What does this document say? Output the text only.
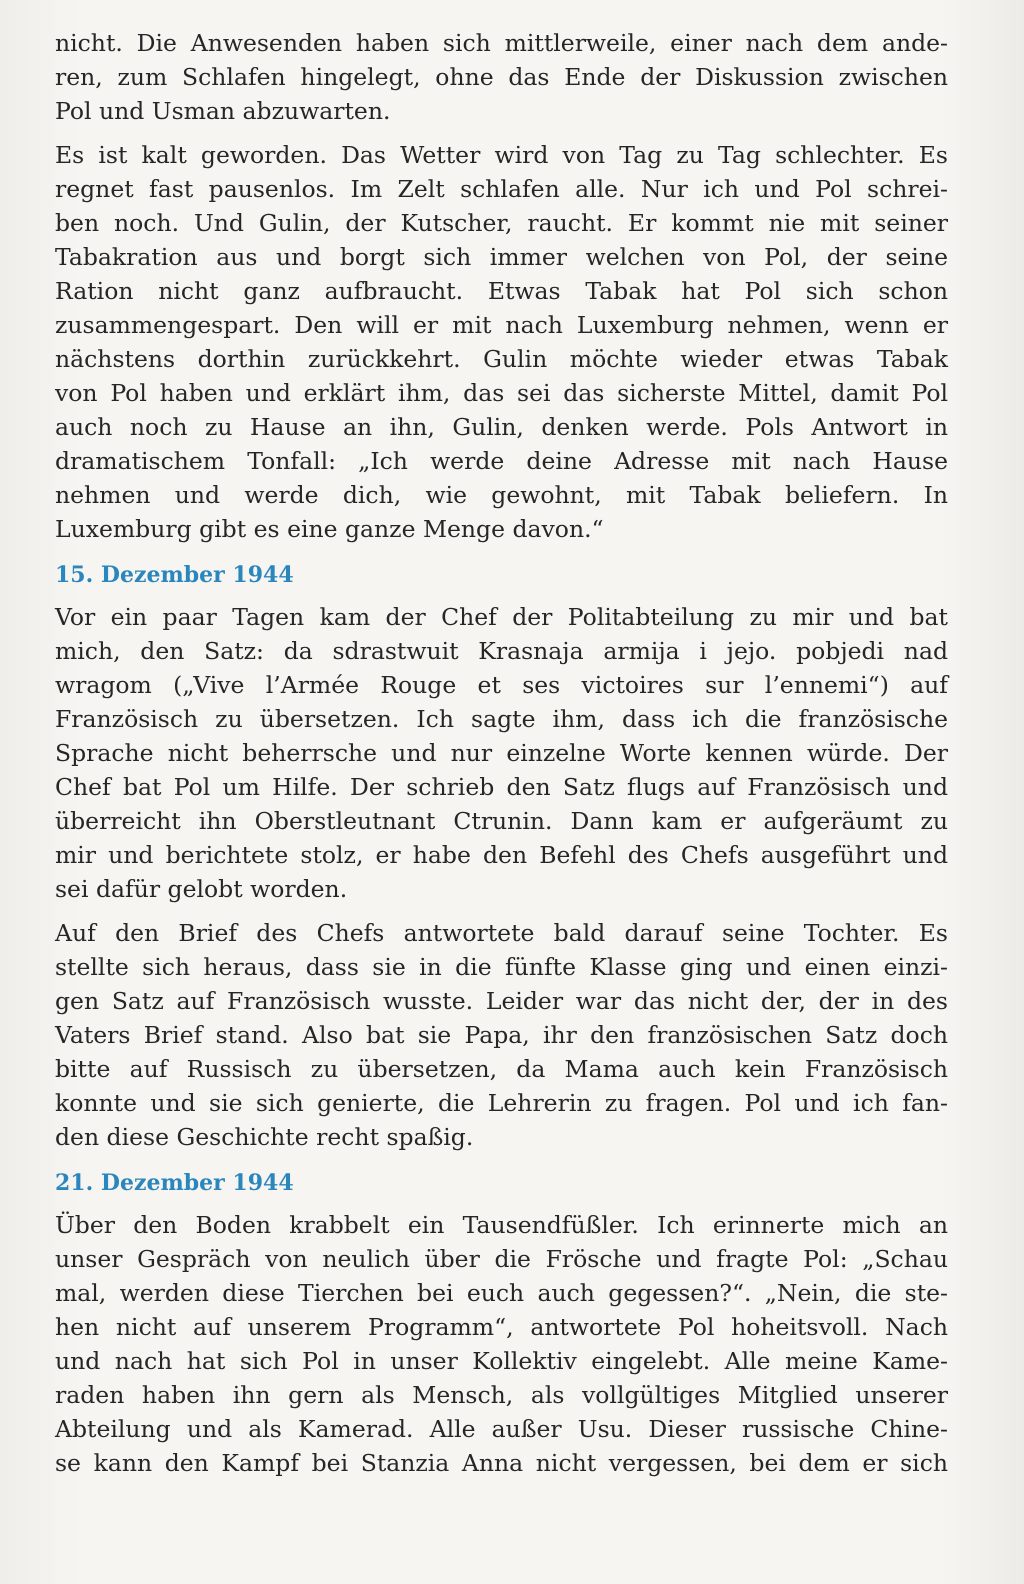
nicht. Die Anwesenden haben sich mittlerweile, einer nach dem ande-
ren, zum Schlafen hingelegt, ohne das Ende der Diskussion zwischen
Pol und Usman abzuwarten.

Es ist kalt geworden. Das Wetter wird von Tag zu Tag schlechter. Es
regnet fast pausenlos. Im Zelt schlafen alle. Nur ich und Pol schrei-
ben noch. Und Gulin, der Kutscher, raucht. Er kommt nie mit seiner
Tabakration aus und borgt sich immer welchen von Pol, der seine
Ration nicht ganz aufbraucht. Etwas Tabak hat Pol sich schon
zusammengespart. Den will er mit nach Luxemburg nehmen, wenn er
nächstens dorthin zurückkehrt. Gulin möchte wieder etwas Tabak
von Pol haben und erklärt ihm, das sei das sicherste Mittel, damit Pol
auch noch zu Hause an ihn, Gulin, denken werde. Pols Antwort in
dramatischem Tonfall: „Ich werde deine Adresse mit nach Hause
nehmen und werde dich, wie gewohnt, mit Tabak beliefern. In
Luxemburg gibt es eine ganze Menge davon.“

15. Dezember 1944

Vor ein paar Tagen kam der Chef der Politabteilung zu mir und bat
mich, den Satz: da sdrastwuit Krasnaja armija i jejo. pobjedi nad
wragom („Vive l’Armée Rouge et ses victoires sur l’ennemi“) auf
Französisch zu übersetzen. Ich sagte ihm, dass ich die französische
Sprache nicht beherrsche und nur einzelne Worte kennen würde. Der
Chef bat Pol um Hilfe. Der schrieb den Satz flugs auf Französisch und
überreicht ihn Oberstleutnant Ctrunin. Dann kam er aufgeräumt zu
mir und berichtete stolz, er habe den Befehl des Chefs ausgeführt und
sei dafür gelobt worden.

Auf den Brief des Chefs antwortete bald darauf seine Tochter. Es
stellte sich heraus, dass sie in die fünfte Klasse ging und einen einzi-
gen Satz auf Französisch wusste. Leider war das nicht der, der in des
Vaters Brief stand. Also bat sie Papa, ihr den französischen Satz doch
bitte auf Russisch zu übersetzen, da Mama auch kein Französisch
konnte und sie sich genierte, die Lehrerin zu fragen. Pol und ich fan-
den diese Geschichte recht spaßig.

21. Dezember 1944

Über den Boden krabbelt ein Tausendfüßler. Ich erinnerte mich an
unser Gespräch von neulich über die Frösche und fragte Pol: „Schau
mal, werden diese Tierchen bei euch auch gegessen?“. „Nein, die ste-
hen nicht auf unserem Programm“, antwortete Pol hoheitsvoll. Nach
und nach hat sich Pol in unser Kollektiv eingelebt. Alle meine Kame-
raden haben ihn gern als Mensch, als vollgültiges Mitglied unserer
Abteilung und als Kamerad. Alle außer Usu. Dieser russische Chine-
se kann den Kampf bei Stanzia Anna nicht vergessen, bei dem er sich
